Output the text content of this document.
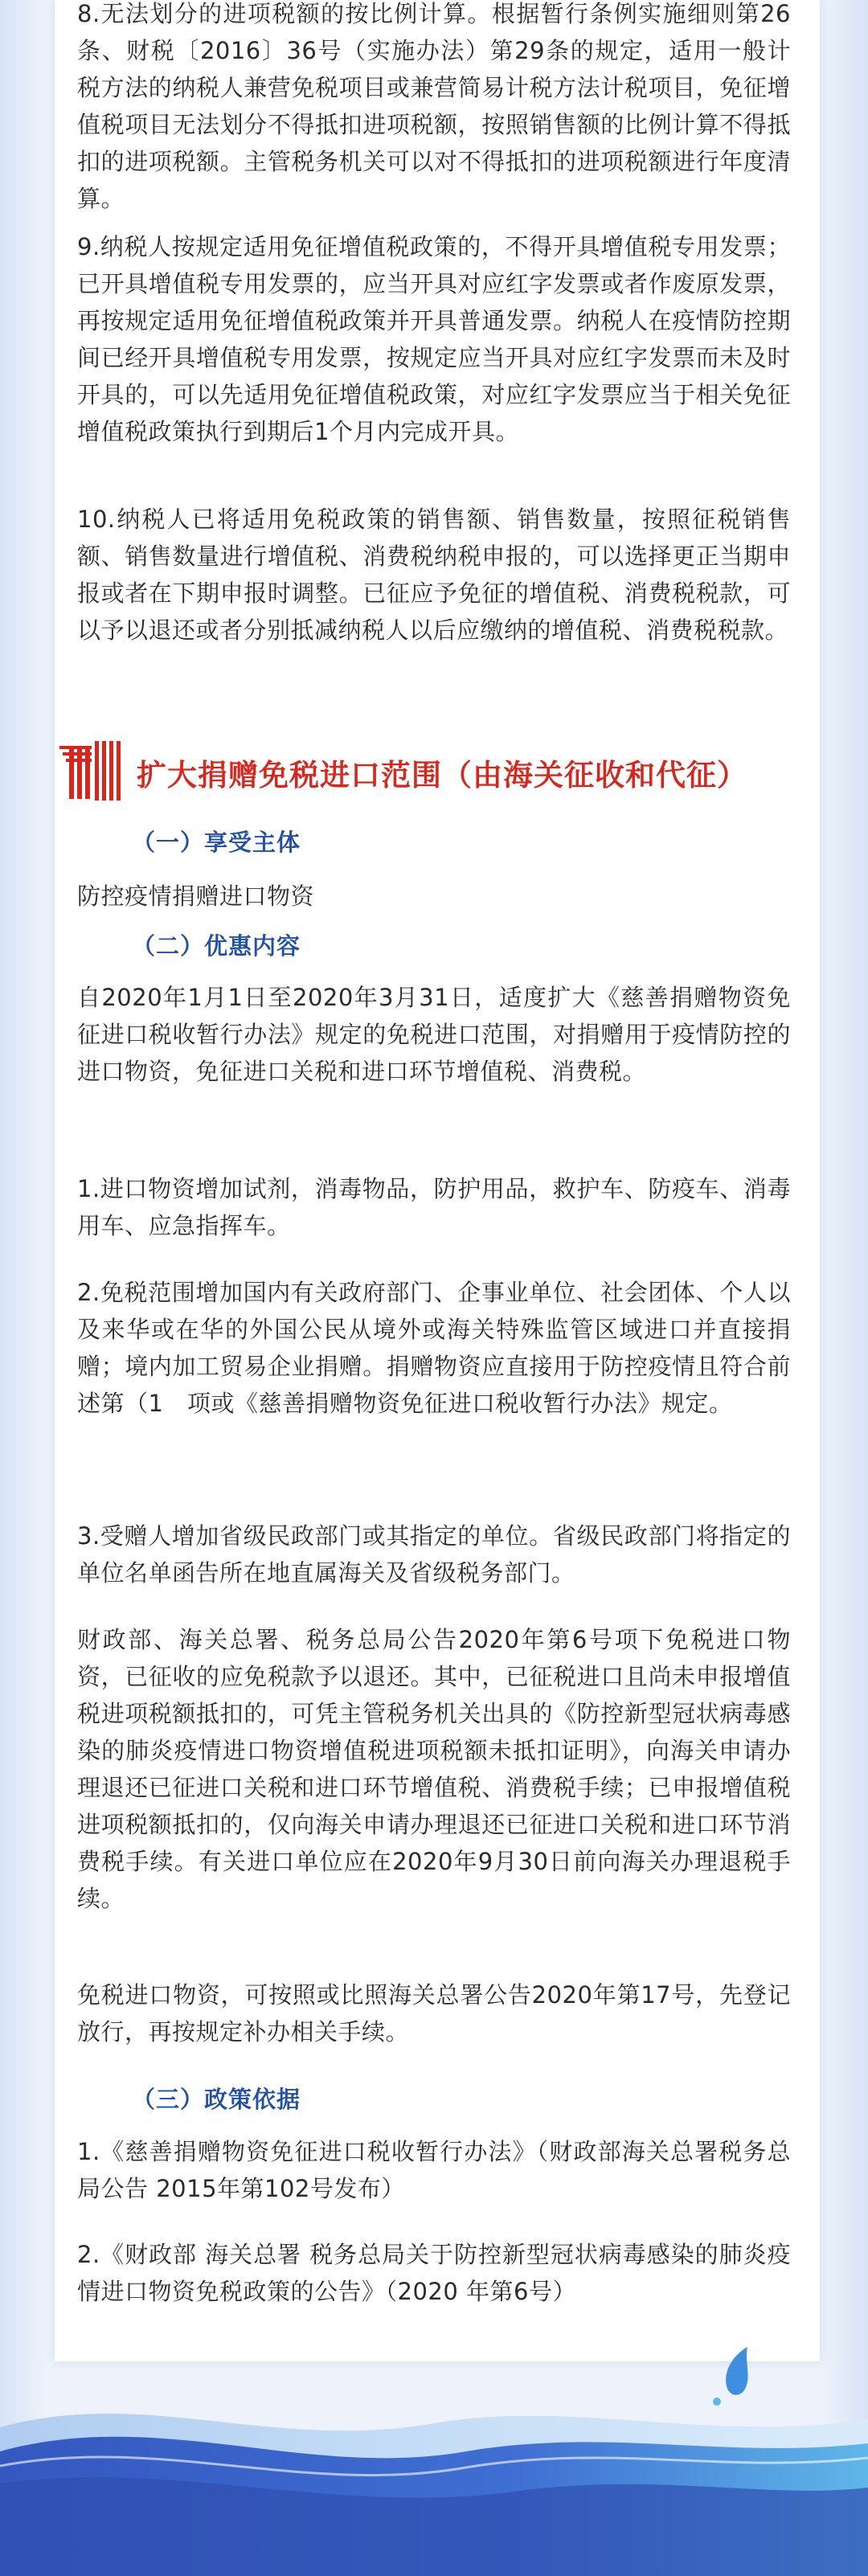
8.无法划分的进项税额的按比例计算。根据暂行条例实施细则第26条、财税〔2016〕36号（实施办法）第29条的规定，适用一般计税方法的纳税人兼营免税项目或兼营简易计税方法计税项目，免征增值税项目无法划分不得抵扣进项税额，按照销售额的比例计算不得抵扣的进项税额。主管税务机关可以对不得抵扣的进项税额进行年度清算。

9.纳税人按规定适用免征增值税政策的，不得开具增值税专用发票；已开具增值税专用发票的，应当开具对应红字发票或者作废原发票，再按规定适用免征增值税政策并开具普通发票。纳税人在疫情防控期间已经开具增值税专用发票，按规定应当开具对应红字发票而未及时开具的，可以先适用免征增值税政策，对应红字发票应当于相关免征增值税政策执行到期后1个月内完成开具。

10.纳税人已将适用免税政策的销售额、销售数量，按照征税销售额、销售数量进行增值税、消费税纳税申报的，可以选择更正当期申报或者在下期申报时调整。已征应予免征的增值税、消费税税款，可以予以退还或者分别抵减纳税人以后应缴纳的增值税、消费税税款。

扩大捐赠免税进口范围（由海关征收和代征）
（一）享受主体

防控疫情捐赠进口物资

（二）优惠内容

自2020年1月1日至2020年3月31日，适度扩大《慈善捐赠物资免征进口税收暂行办法》规定的免税进口范围，对捐赠用于疫情防控的进口物资，免征进口关税和进口环节增值税、消费税。

1.进口物资增加试剂，消毒物品，防护用品，救护车、防疫车、消毒用车、应急指挥车。

2.免税范围增加国内有关政府部门、企事业单位、社会团体、个人以及来华或在华的外国公民从境外或海关特殊监管区域进口并直接捐赠；境内加工贸易企业捐赠。捐赠物资应直接用于防控疫情且符合前述第（1　项或《慈善捐赠物资免征进口税收暂行办法》规定。

3.受赠人增加省级民政部门或其指定的单位。省级民政部门将指定的单位名单函告所在地直属海关及省级税务部门。

财政部、海关总署、税务总局公告2020年第6号项下免税进口物资，已征收的应免税款予以退还。其中，已征税进口且尚未申报增值税进项税额抵扣的，可凭主管税务机关出具的《防控新型冠状病毒感染的肺炎疫情进口物资增值税进项税额未抵扣证明》，向海关申请办理退还已征进口关税和进口环节增值税、消费税手续；已申报增值税进项税额抵扣的，仅向海关申请办理退还已征进口关税和进口环节消费税手续。有关进口单位应在2020年9月30日前向海关办理退税手续。

免税进口物资，可按照或比照海关总署公告2020年第17号，先登记放行，再按规定补办相关手续。

（三）政策依据

1.《慈善捐赠物资免征进口税收暂行办法》（财政部海关总署税务总局公告 2015年第102号发布）

2.《财政部 海关总署 税务总局关于防控新型冠状病毒感染的肺炎疫情进口物资免税政策的公告》（2020 年第6号）
